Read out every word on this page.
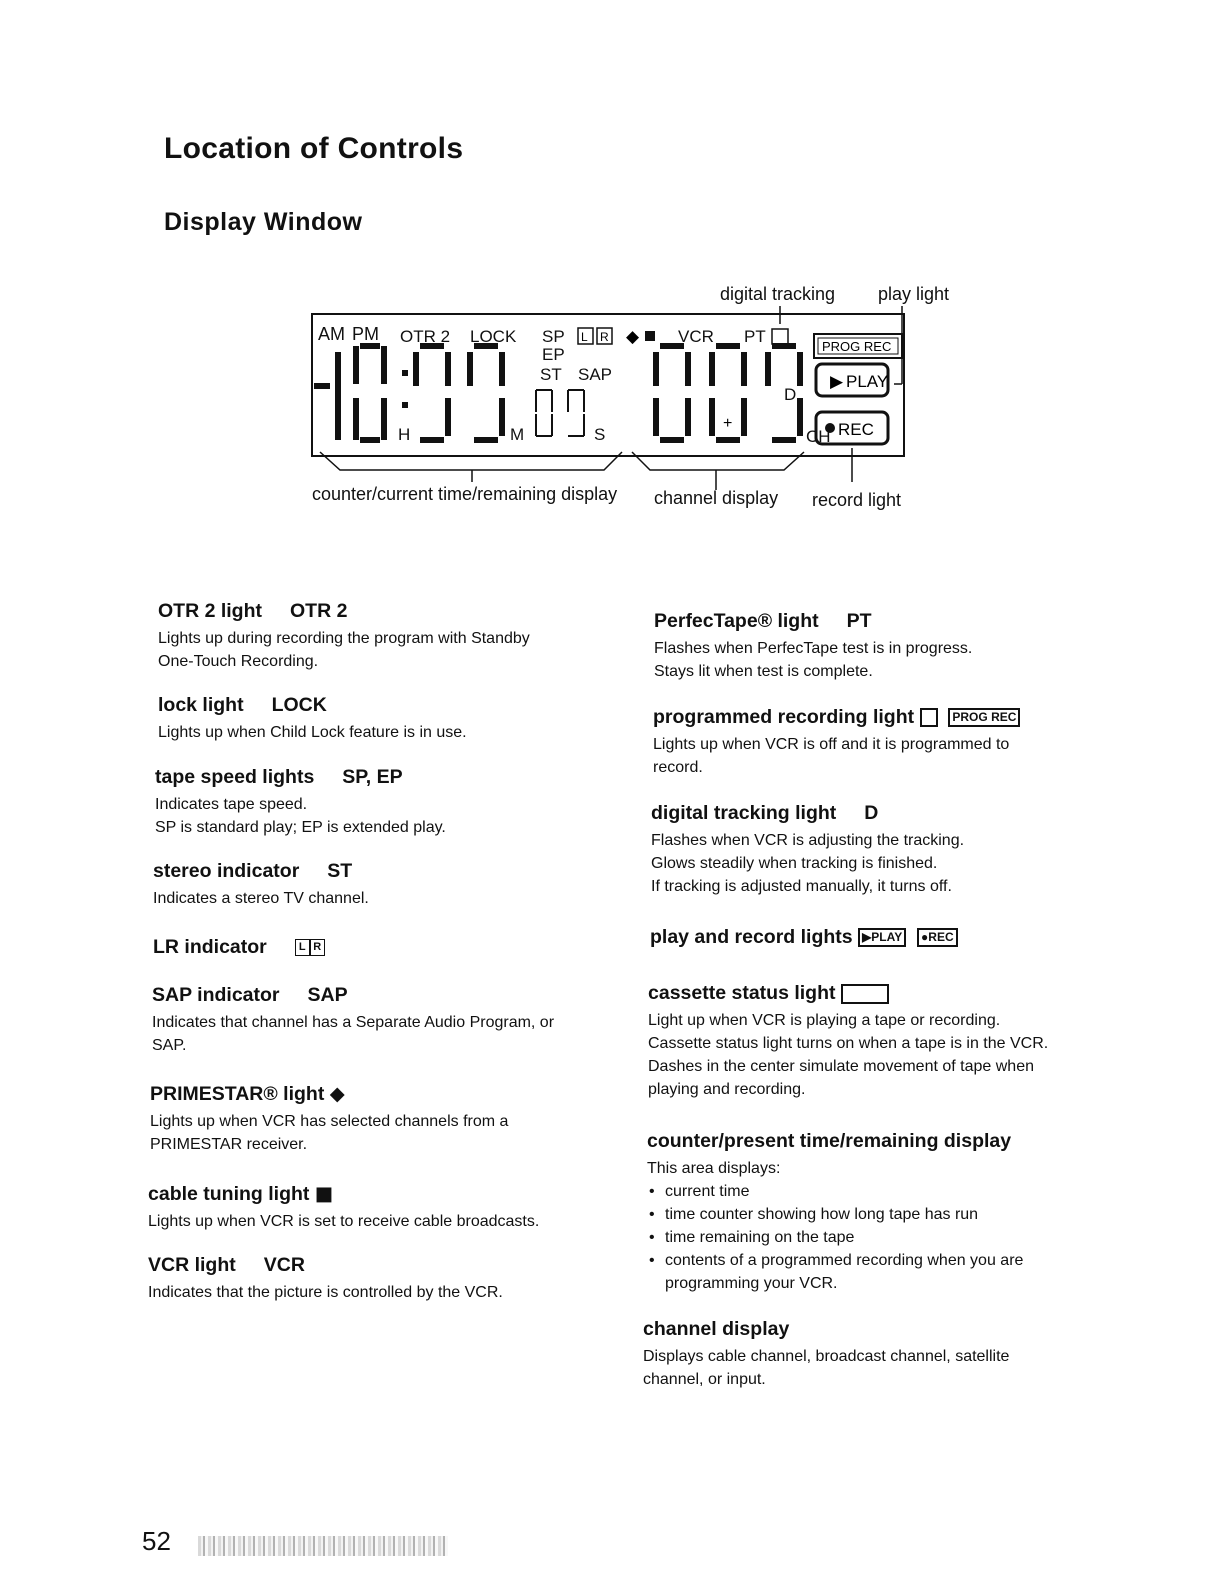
Location of Controls
Display Window
digital tracking play light
AM PM OTR 2 LOCK SP
EP
ST SAP
L R ◆ VCR PT
PROG REC
▶ PLAY
REC
+
H	M	S
D
CH
counter/current time/remaining display channel display record light
OTR 2 light OTR 2
Lights up during recording the program with Standby
One-Touch Recording.
lock light LOCK
Lights up when Child Lock feature is in use.
tape speed lights SP, EP
Indicates tape speed.
SP is standard play; EP is extended play.
stereo indicator ST
Indicates a stereo TV channel.
LR indicator	L R
SAP indicator SAP
Indicates that channel has a Separate Audio Program, or
SAP.
PRIMESTAR® light ◆
Lights up when VCR has selected channels from a
PRIMESTAR receiver.
cable tuning light ■
Lights up when VCR is set to receive cable broadcasts.
VCR light VCR
Indicates that the picture is controlled by the VCR.
PerfecTape® light PT
Flashes when PerfecTape test is in progress.
Stays lit when test is complete.
programmed recording light	PROG REC
Lights up when VCR is off and it is programmed to
record.
digital tracking light D
Flashes when VCR is adjusting the tracking.
Glows steadily when tracking is finished.
If tracking is adjusted manually, it turns off.
play and record lights ▶PLAY ●REC
cassette status light
Light up when VCR is playing a tape or recording.
Cassette status light turns on when a tape is in the VCR.
Dashes in the center simulate movement of tape when
playing and recording.
counter/present time/remaining display
This area displays:
• current time
• time counter showing how long tape has run
• time remaining on the tape
• contents of a programmed recording when you are programming your VCR.
channel display
Displays cable channel, broadcast channel, satellite
channel, or input.
52
